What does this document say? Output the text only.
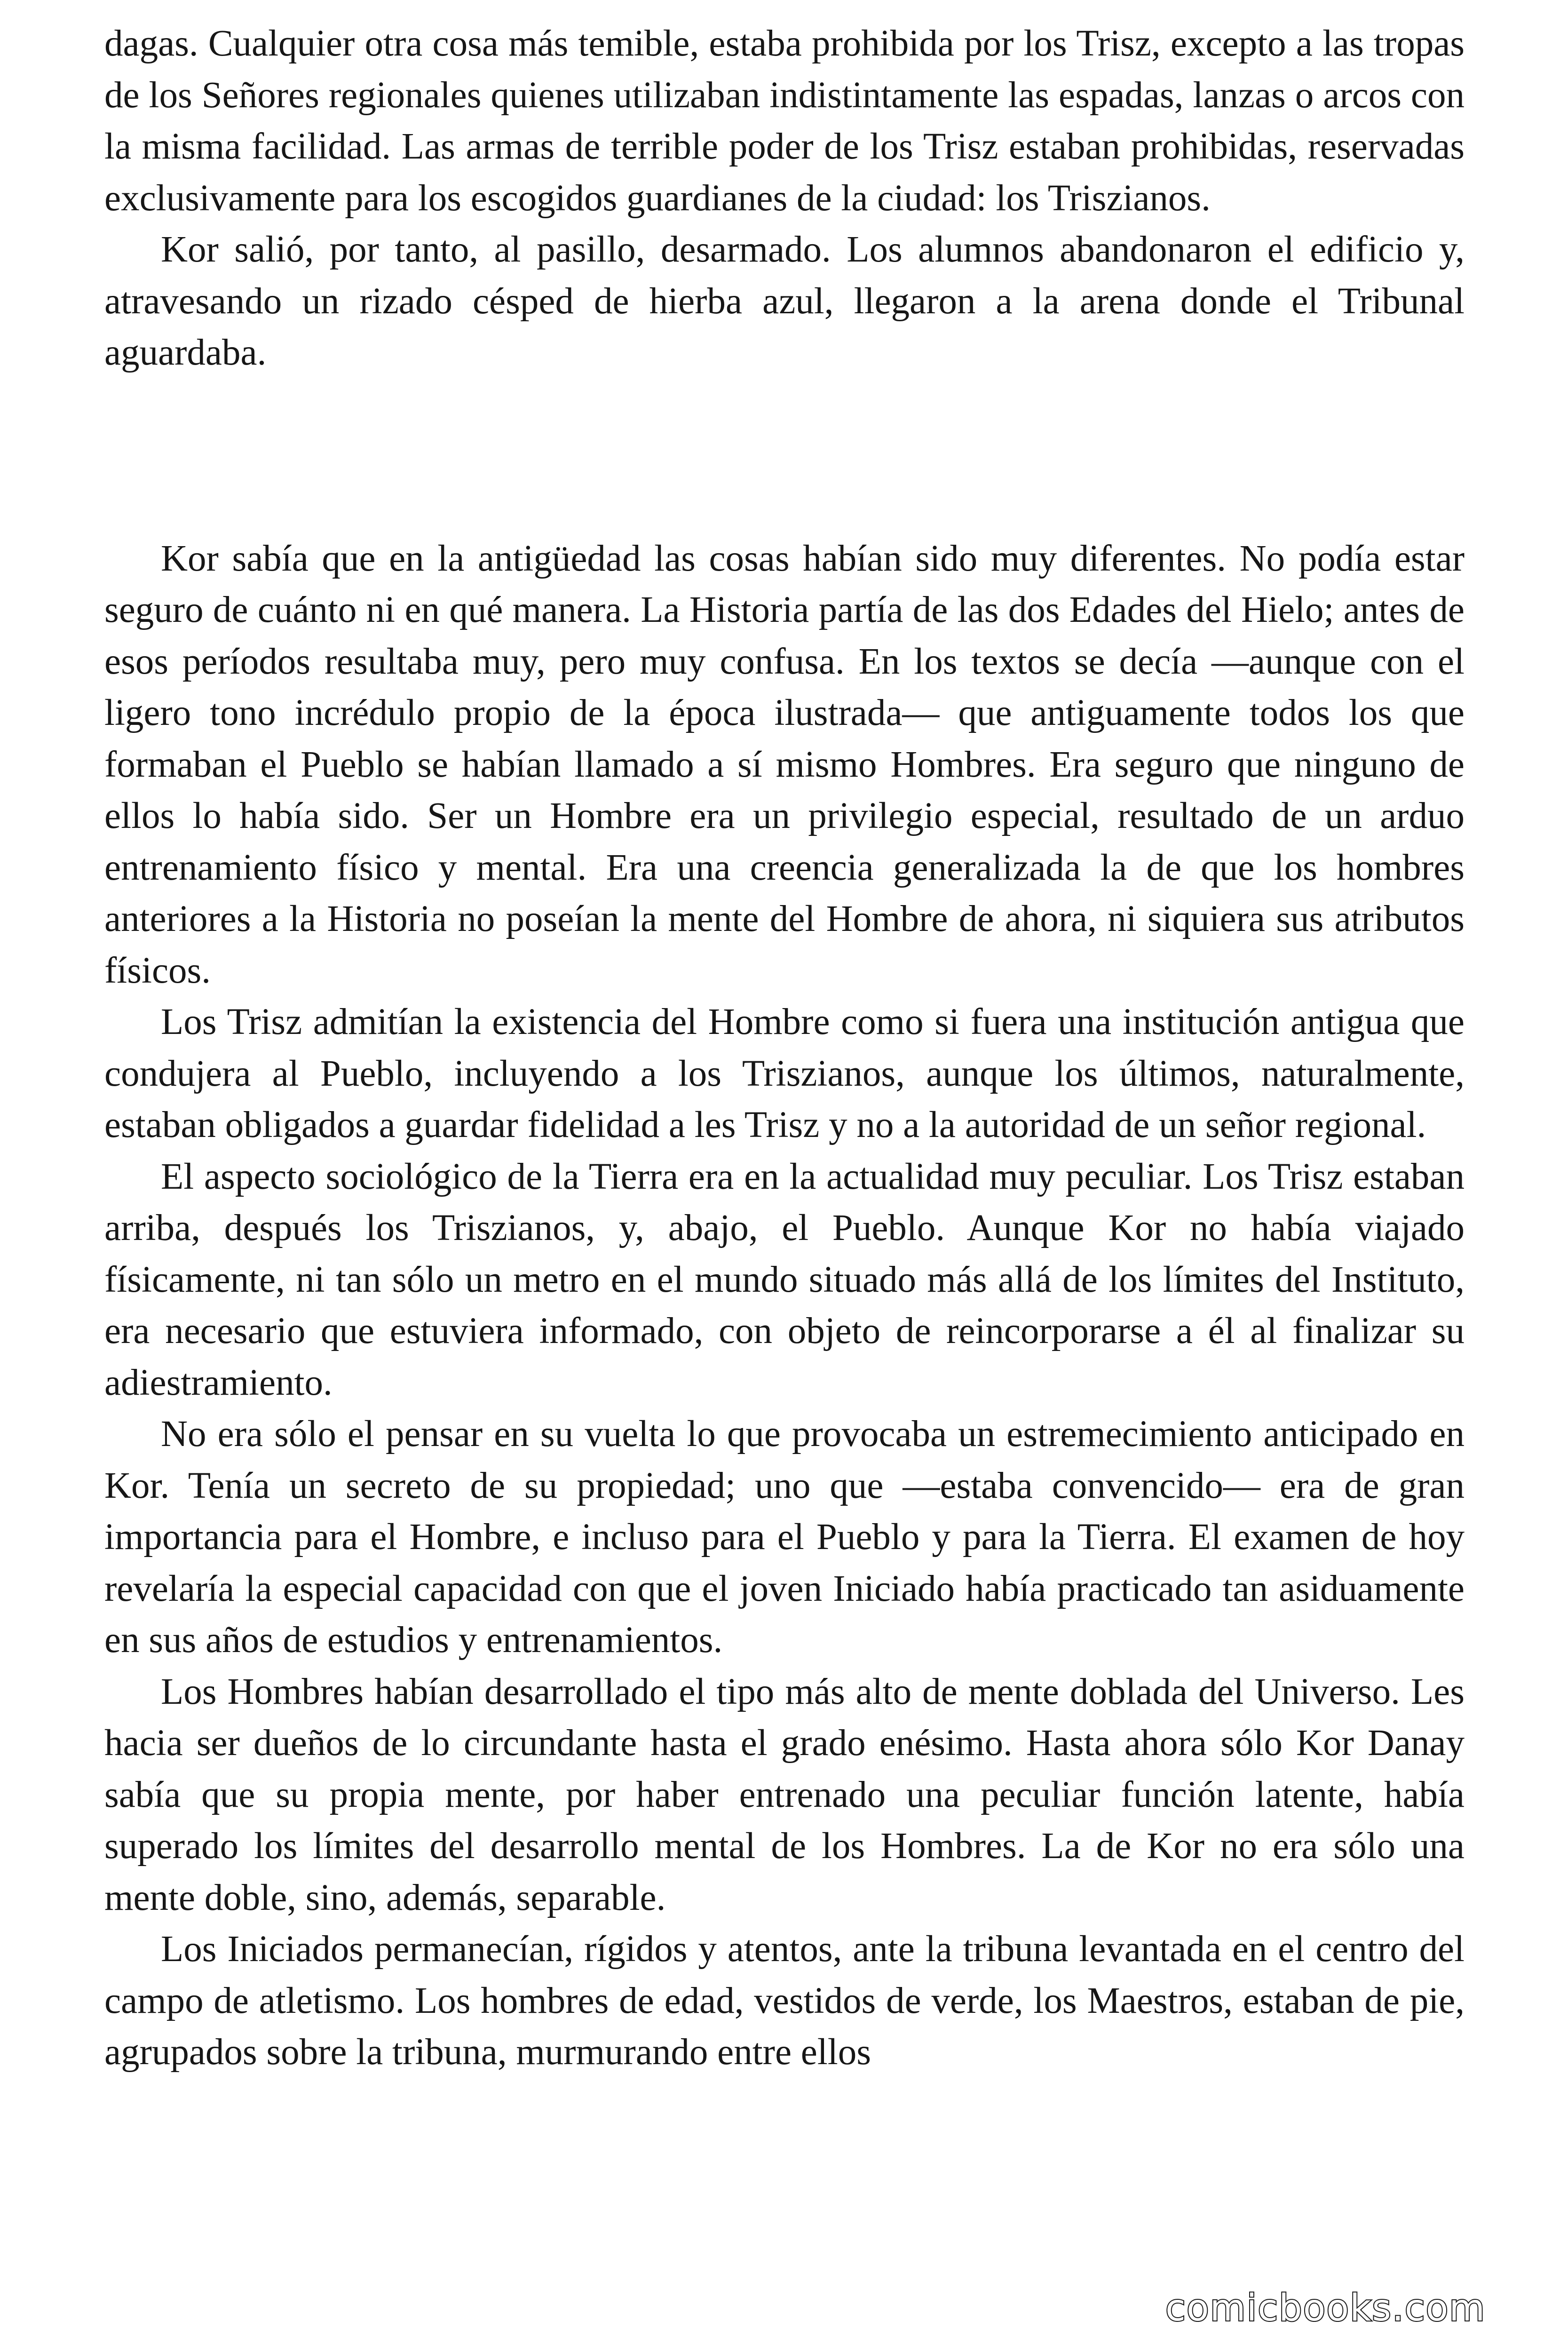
dagas. Cualquier otra cosa más temible, estaba prohibida por los Trisz, excepto a las tropas de los Señores regionales quienes utilizaban indistintamente las espadas, lanzas o arcos con la misma facilidad. Las armas de terrible poder de los Trisz estaban prohibidas, reservadas exclusivamente para los escogidos guardianes de la ciudad: los Triszianos.

Kor salió, por tanto, al pasillo, desarmado. Los alumnos abandonaron el edificio y, atravesando un rizado césped de hierba azul, llegaron a la arena donde el Tribunal aguardaba.

Kor sabía que en la antigüedad las cosas habían sido muy diferentes. No podía estar seguro de cuánto ni en qué manera. La Historia partía de las dos Edades del Hielo; antes de esos períodos resultaba muy, pero muy confusa. En los textos se decía —aunque con el ligero tono incrédulo propio de la época ilustrada— que antiguamente todos los que formaban el Pueblo se habían llamado a sí mismo Hombres. Era seguro que ninguno de ellos lo había sido. Ser un Hombre era un privilegio especial, resultado de un arduo entrenamiento físico y mental. Era una creencia generalizada la de que los hombres anteriores a la Historia no poseían la mente del Hombre de ahora, ni siquiera sus atributos físicos.

Los Trisz admitían la existencia del Hombre como si fuera una institución antigua que condujera al Pueblo, incluyendo a los Triszianos, aunque los últimos, naturalmente, estaban obligados a guardar fidelidad a les Trisz y no a la autoridad de un señor regional.

El aspecto sociológico de la Tierra era en la actualidad muy peculiar. Los Trisz estaban arriba, después los Triszianos, y, abajo, el Pueblo. Aunque Kor no había viajado físicamente, ni tan sólo un metro en el mundo situado más allá de los límites del Instituto, era necesario que estuviera informado, con objeto de reincorporarse a él al finalizar su adiestramiento.

No era sólo el pensar en su vuelta lo que provocaba un estremecimiento anticipado en Kor. Tenía un secreto de su propiedad; uno que —estaba convencido— era de gran importancia para el Hombre, e incluso para el Pueblo y para la Tierra. El examen de hoy revelaría la especial capacidad con que el joven Iniciado había practicado tan asiduamente en sus años de estudios y entrenamientos.

Los Hombres habían desarrollado el tipo más alto de mente doblada del Universo. Les hacia ser dueños de lo circundante hasta el grado enésimo. Hasta ahora sólo Kor Danay sabía que su propia mente, por haber entrenado una peculiar función latente, había superado los límites del desarrollo mental de los Hombres. La de Kor no era sólo una mente doble, sino, además, separable.

Los Iniciados permanecían, rígidos y atentos, ante la tribuna levantada en el centro del campo de atletismo. Los hombres de edad, vestidos de verde, los Maestros, estaban de pie, agrupados sobre la tribuna, murmurando entre ellos

comicbooks.com
